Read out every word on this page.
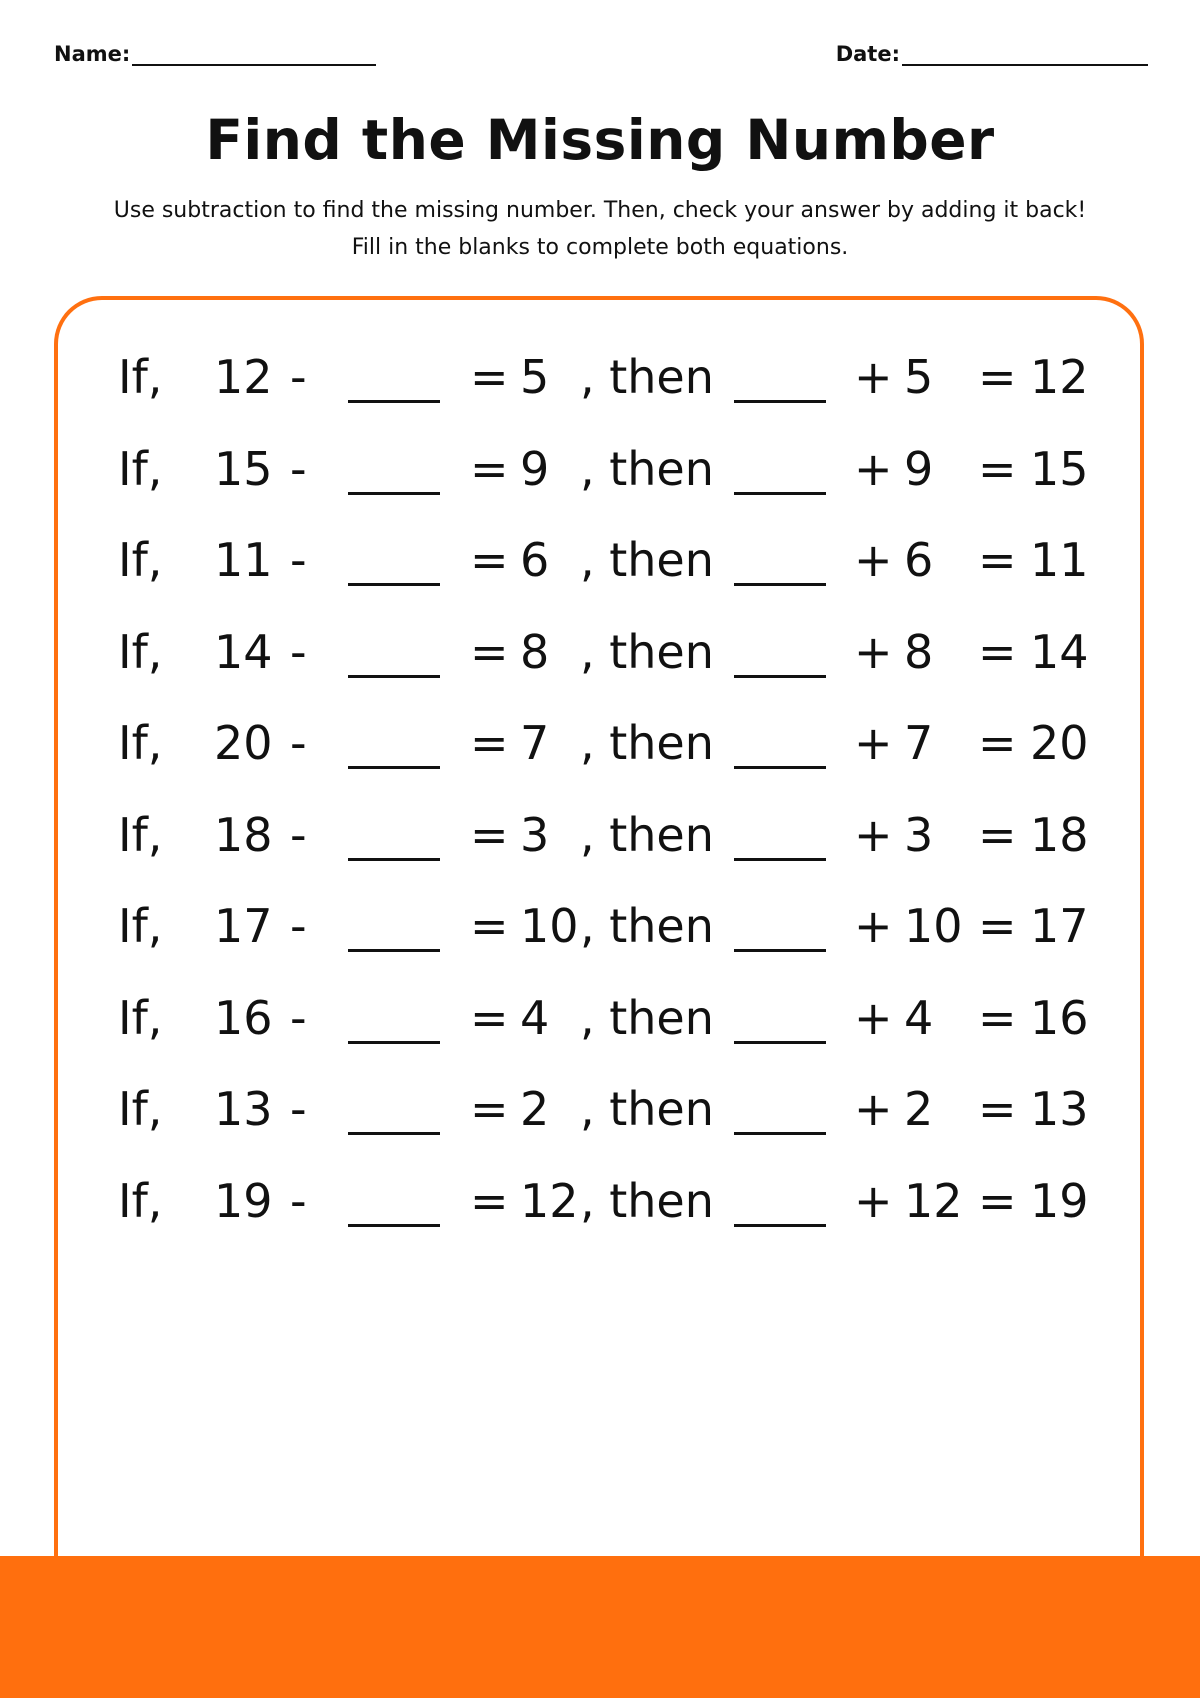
Name:	Date:
Find the Missing Number

Use subtraction to find the missing number. Then, check your answer by adding it back! Fill in the blanks to complete both equations.

If, 12 -	= 5 , then	+ 5 = 12
If, 15 -	= 9 , then	+ 9 = 15
If, 11 -	= 6 , then	+ 6 = 11
If, 14 -	= 8 , then	+ 8 = 14
If, 20 -	= 7 , then	+ 7 = 20
If, 18 -	= 3 , then	+ 3 = 18
If, 17 -	= 10 , then	+ 10 = 17
If, 16 -	= 4 , then	+ 4 = 16
If, 13 -	= 2 , then	+ 2 = 13
If, 19 -	= 12 , then	+ 12 = 19
